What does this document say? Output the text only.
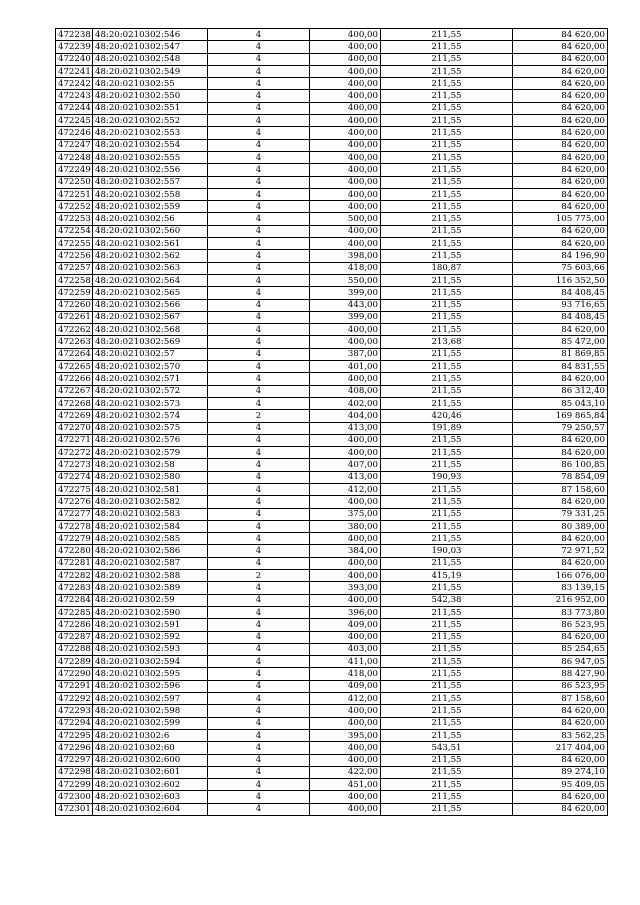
472238	48:20:0210302:546	4	400,00	211,55	84 620,00
472239	48:20:0210302:547	4	400,00	211,55	84 620,00
472240	48:20:0210302:548	4	400,00	211,55	84 620,00
472241	48:20:0210302:549	4	400,00	211,55	84 620,00
472242	48:20:0210302:55	4	400,00	211,55	84 620,00
472243	48:20:0210302:550	4	400,00	211,55	84 620,00
472244	48:20:0210302:551	4	400,00	211,55	84 620,00
472245	48:20:0210302:552	4	400,00	211,55	84 620,00
472246	48:20:0210302:553	4	400,00	211,55	84 620,00
472247	48:20:0210302:554	4	400,00	211,55	84 620,00
472248	48:20:0210302:555	4	400,00	211,55	84 620,00
472249	48:20:0210302:556	4	400,00	211,55	84 620,00
472250	48:20:0210302:557	4	400,00	211,55	84 620,00
472251	48:20:0210302:558	4	400,00	211,55	84 620,00
472252	48:20:0210302:559	4	400,00	211,55	84 620,00
472253	48:20:0210302:56	4	500,00	211,55	105 775,00
472254	48:20:0210302:560	4	400,00	211,55	84 620,00
472255	48:20:0210302:561	4	400,00	211,55	84 620,00
472256	48:20:0210302:562	4	398,00	211,55	84 196,90
472257	48:20:0210302:563	4	418,00	180,87	75 603,66
472258	48:20:0210302:564	4	550,00	211,55	116 352,50
472259	48:20:0210302:565	4	399,00	211,55	84 408,45
472260	48:20:0210302:566	4	443,00	211,55	93 716,65
472261	48:20:0210302:567	4	399,00	211,55	84 408,45
472262	48:20:0210302:568	4	400,00	211,55	84 620,00
472263	48:20:0210302:569	4	400,00	213,68	85 472,00
472264	48:20:0210302:57	4	387,00	211,55	81 869,85
472265	48:20:0210302:570	4	401,00	211,55	84 831,55
472266	48:20:0210302:571	4	400,00	211,55	84 620,00
472267	48:20:0210302:572	4	408,00	211,55	86 312,40
472268	48:20:0210302:573	4	402,00	211,55	85 043,10
472269	48:20:0210302:574	2	404,00	420,46	169 865,84
472270	48:20:0210302:575	4	413,00	191,89	79 250,57
472271	48:20:0210302:576	4	400,00	211,55	84 620,00
472272	48:20:0210302:579	4	400,00	211,55	84 620,00
472273	48:20:0210302:58	4	407,00	211,55	86 100,85
472274	48:20:0210302:580	4	413,00	190,93	78 854,09
472275	48:20:0210302:581	4	412,00	211,55	87 158,60
472276	48:20:0210302:582	4	400,00	211,55	84 620,00
472277	48:20:0210302:583	4	375,00	211,55	79 331,25
472278	48:20:0210302:584	4	380,00	211,55	80 389,00
472279	48:20:0210302:585	4	400,00	211,55	84 620,00
472280	48:20:0210302:586	4	384,00	190,03	72 971,52
472281	48:20:0210302:587	4	400,00	211,55	84 620,00
472282	48:20:0210302:588	2	400,00	415,19	166 076,00
472283	48:20:0210302:589	4	393,00	211,55	83 139,15
472284	48:20:0210302:59	4	400,00	542,38	216 952,00
472285	48:20:0210302:590	4	396,00	211,55	83 773,80
472286	48:20:0210302:591	4	409,00	211,55	86 523,95
472287	48:20:0210302:592	4	400,00	211,55	84 620,00
472288	48:20:0210302:593	4	403,00	211,55	85 254,65
472289	48:20:0210302:594	4	411,00	211,55	86 947,05
472290	48:20:0210302:595	4	418,00	211,55	88 427,90
472291	48:20:0210302:596	4	409,00	211,55	86 523,95
472292	48:20:0210302:597	4	412,00	211,55	87 158,60
472293	48:20:0210302:598	4	400,00	211,55	84 620,00
472294	48:20:0210302:599	4	400,00	211,55	84 620,00
472295	48:20:0210302:6	4	395,00	211,55	83 562,25
472296	48:20:0210302:60	4	400,00	543,51	217 404,00
472297	48:20:0210302:600	4	400,00	211,55	84 620,00
472298	48:20:0210302:601	4	422,00	211,55	89 274,10
472299	48:20:0210302:602	4	451,00	211,55	95 409,05
472300	48:20:0210302:603	4	400,00	211,55	84 620,00
472301	48:20:0210302:604	4	400,00	211,55	84 620,00
